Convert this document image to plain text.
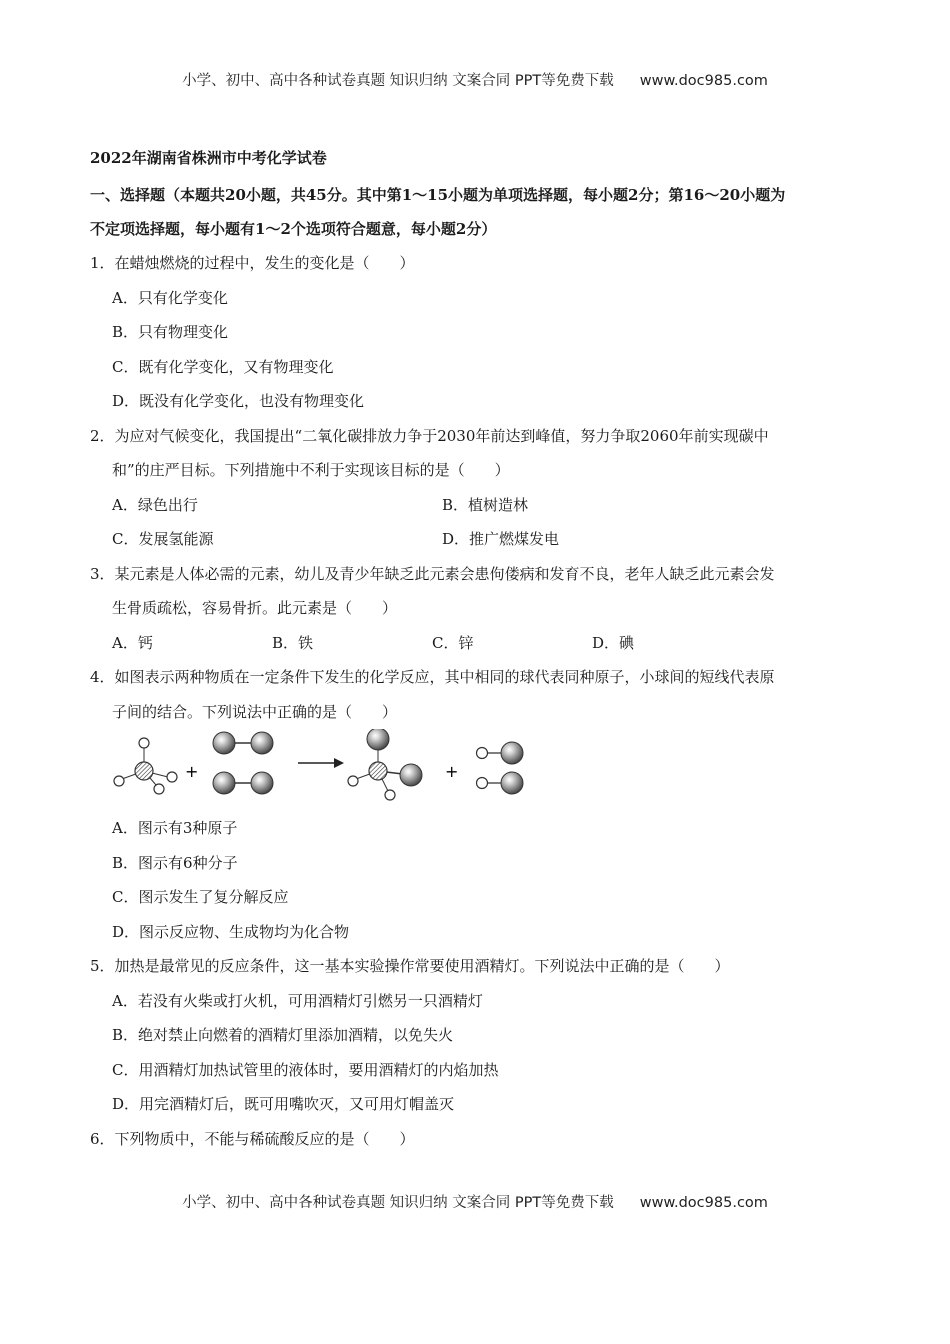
小学、初中、高中各种试卷真题 知识归纳 文案合同 PPT等免费下载 www.doc985.com
2022年湖南省株洲市中考化学试卷
一、选择题（本题共20小题，共45分。其中第1～15小题为单项选择题，每小题2分；第16～20小题为
不定项选择题，每小题有1～2个选项符合题意，每小题2分）
1．在蜡烛燃烧的过程中，发生的变化是（　　）
A．只有化学变化
B．只有物理变化
C．既有化学变化，又有物理变化
D．既没有化学变化，也没有物理变化
2．为应对气候变化，我国提出“二氧化碳排放力争于2030年前达到峰值，努力争取2060年前实现碳中
和”的庄严目标。下列措施中不利于实现该目标的是（　　）
A．绿色出行	B．植树造林
C．发展氢能源	D．推广燃煤发电
3．某元素是人体必需的元素，幼儿及青少年缺乏此元素会患佝偻病和发育不良，老年人缺乏此元素会发
生骨质疏松，容易骨折。此元素是（　　）
A．钙	B．铁	C．锌	D．碘
4．如图表示两种物质在一定条件下发生的化学反应，其中相同的球代表同种原子，小球间的短线代表原
子间的结合。下列说法中正确的是（　　）
+	+
A．图示有3种原子
B．图示有6种分子
C．图示发生了复分解反应
D．图示反应物、生成物均为化合物
5．加热是最常见的反应条件，这一基本实验操作常要使用酒精灯。下列说法中正确的是（　　）
A．若没有火柴或打火机，可用酒精灯引燃另一只酒精灯
B．绝对禁止向燃着的酒精灯里添加酒精，以免失火
C．用酒精灯加热试管里的液体时，要用酒精灯的内焰加热
D．用完酒精灯后，既可用嘴吹灭，又可用灯帽盖灭
6．下列物质中，不能与稀硫酸反应的是（　　）
小学、初中、高中各种试卷真题 知识归纳 文案合同 PPT等免费下载 www.doc985.com
